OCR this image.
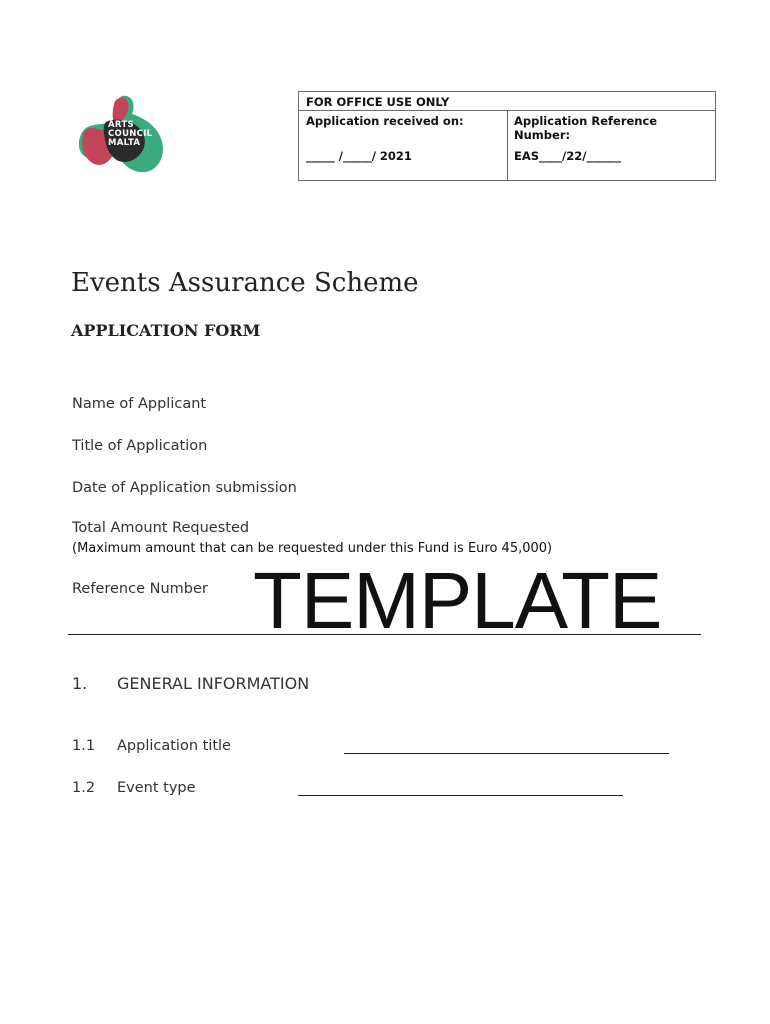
ARTS
COUNCIL
MALTA
FOR OFFICE USE ONLY
Application received on:	Application Reference Number:
_____ /_____/ 2021	EAS____/22/______
Events Assurance Scheme
APPLICATION FORM
Name of Applicant
Title of Application
Date of Application submission
Total Amount Requested
(Maximum amount that can be requested under this Fund is Euro 45,000)
Reference Number TEMPLATE
1. GENERAL INFORMATION
1.1 Application title
1.2 Event type
